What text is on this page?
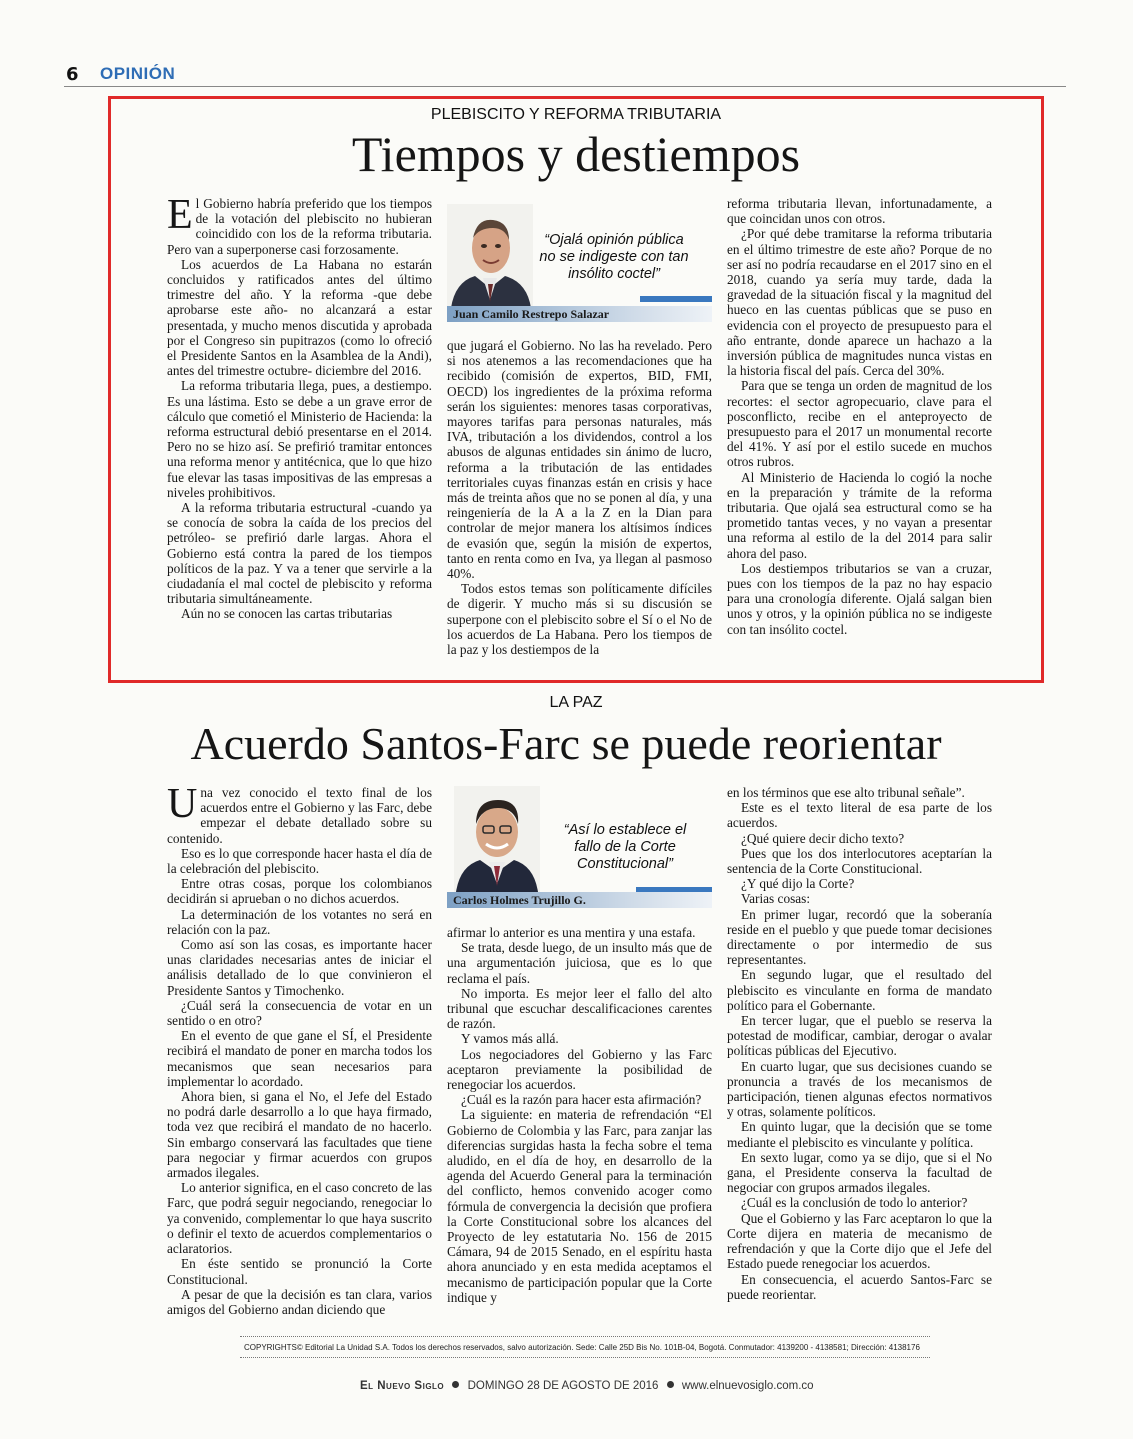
6 OPINIÓN
PLEBISCITO Y REFORMA TRIBUTARIA
Tiempos y destiempos

El Gobierno habría preferido que los tiempos de la votación del plebiscito no hubieran coincidido con los de la reforma tributaria. Pero van a superponerse casi forzosamente.

Los acuerdos de La Habana no estarán concluidos y ratificados antes del último trimestre del año. Y la reforma -que debe aprobarse este año- no alcanzará a estar presentada, y mucho menos discutida y aprobada por el Congreso sin pupitrazos (como lo ofreció el Presidente Santos en la Asamblea de la Andi), antes del trimestre octubre- diciembre del 2016.

La reforma tributaria llega, pues, a destiempo. Es una lástima. Esto se debe a un grave error de cálculo que cometió el Ministerio de Hacienda: la reforma estructural debió presentarse en el 2014. Pero no se hizo así. Se prefirió tramitar entonces una reforma menor y antitécnica, que lo que hizo fue elevar las tasas impositivas de las empresas a niveles prohibitivos.

A la reforma tributaria estructural -cuando ya se conocía de sobra la caída de los precios del petróleo- se prefirió darle largas. Ahora el Gobierno está contra la pared de los tiempos políticos de la paz. Y va a tener que servirle a la ciudadanía el mal coctel de plebiscito y reforma tributaria simultáneamente.

Aún no se conocen las cartas tributarias

“Ojalá opinión pública no se indigeste con tan insólito coctel”
Juan Camilo Restrepo Salazar

que jugará el Gobierno. No las ha revelado. Pero si nos atenemos a las recomendaciones que ha recibido (comisión de expertos, BID, FMI, OECD) los ingredientes de la próxima reforma serán los siguientes: menores tasas corporativas, mayores tarifas para personas naturales, más IVA, tributación a los dividendos, control a los abusos de algunas entidades sin ánimo de lucro, reforma a la tributación de las entidades territoriales cuyas finanzas están en crisis y hace más de treinta años que no se ponen al día, y una reingeniería de la A a la Z en la Dian para controlar de mejor manera los altísimos índices de evasión que, según la misión de expertos, tanto en renta como en Iva, ya llegan al pasmoso 40%.

Todos estos temas son políticamente difíciles de digerir. Y mucho más si su discusión se superpone con el plebiscito sobre el Sí o el No de los acuerdos de La Habana. Pero los tiempos de la paz y los destiempos de la

reforma tributaria llevan, infortunadamente, a que coincidan unos con otros.

¿Por qué debe tramitarse la reforma tributaria en el último trimestre de este año? Porque de no ser así no podría recaudarse en el 2017 sino en el 2018, cuando ya sería muy tarde, dada la gravedad de la situación fiscal y la magnitud del hueco en las cuentas públicas que se puso en evidencia con el proyecto de presupuesto para el año entrante, donde aparece un hachazo a la inversión pública de magnitudes nunca vistas en la historia fiscal del país. Cerca del 30%.

Para que se tenga un orden de magnitud de los recortes: el sector agropecuario, clave para el posconflicto, recibe en el anteproyecto de presupuesto para el 2017 un monumental recorte del 41%. Y así por el estilo sucede en muchos otros rubros.

Al Ministerio de Hacienda lo cogió la noche en la preparación y trámite de la reforma tributaria. Que ojalá sea estructural como se ha prometido tantas veces, y no vayan a presentar una reforma al estilo de la del 2014 para salir ahora del paso.

Los destiempos tributarios se van a cruzar, pues con los tiempos de la paz no hay espacio para una cronología diferente. Ojalá salgan bien unos y otros, y la opinión pública no se indigeste con tan insólito coctel.

LA PAZ
Acuerdo Santos-Farc se puede reorientar

Una vez conocido el texto final de los acuerdos entre el Gobierno y las Farc, debe empezar el debate detallado sobre su contenido.

Eso es lo que corresponde hacer hasta el día de la celebración del plebiscito.

Entre otras cosas, porque los colombianos decidirán si aprueban o no dichos acuerdos.

La determinación de los votantes no será en relación con la paz.

Como así son las cosas, es importante hacer unas claridades necesarias antes de iniciar el análisis detallado de lo que convinieron el Presidente Santos y Timochenko.

¿Cuál será la consecuencia de votar en un sentido o en otro?

En el evento de que gane el SÍ, el Presidente recibirá el mandato de poner en marcha todos los mecanismos que sean necesarios para implementar lo acordado.

Ahora bien, si gana el No, el Jefe del Estado no podrá darle desarrollo a lo que haya firmado, toda vez que recibirá el mandato de no hacerlo. Sin embargo conservará las facultades que tiene para negociar y firmar acuerdos con grupos armados ilegales.

Lo anterior significa, en el caso concreto de las Farc, que podrá seguir negociando, renegociar lo ya convenido, complementar lo que haya suscrito o definir el texto de acuerdos complementarios o aclaratorios.

En éste sentido se pronunció la Corte Constitucional.

A pesar de que la decisión es tan clara, varios amigos del Gobierno andan diciendo que

“Así lo establece el fallo de la Corte Constitucional”
Carlos Holmes Trujillo G.

afirmar lo anterior es una mentira y una estafa.

Se trata, desde luego, de un insulto más que de una argumentación juiciosa, que es lo que reclama el país.

No importa. Es mejor leer el fallo del alto tribunal que escuchar descalificaciones carentes de razón.

Y vamos más allá.

Los negociadores del Gobierno y las Farc aceptaron previamente la posibilidad de renegociar los acuerdos.

¿Cuál es la razón para hacer esta afirmación?

La siguiente: en materia de refrendación “El Gobierno de Colombia y las Farc, para zanjar las diferencias surgidas hasta la fecha sobre el tema aludido, en el día de hoy, en desarrollo de la agenda del Acuerdo General para la terminación del conflicto, hemos convenido acoger como fórmula de convergencia la decisión que profiera la Corte Constitucional sobre los alcances del Proyecto de ley estatutaria No. 156 de 2015 Cámara, 94 de 2015 Senado, en el espíritu hasta ahora anunciado y en esta medida aceptamos el mecanismo de participación popular que la Corte indique y

en los términos que ese alto tribunal señale”.

Este es el texto literal de esa parte de los acuerdos.

¿Qué quiere decir dicho texto?

Pues que los dos interlocutores aceptarían la sentencia de la Corte Constitucional.

¿Y qué dijo la Corte?

Varias cosas:

En primer lugar, recordó que la soberanía reside en el pueblo y que puede tomar decisiones directamente o por intermedio de sus representantes.

En segundo lugar, que el resultado del plebiscito es vinculante en forma de mandato político para el Gobernante.

En tercer lugar, que el pueblo se reserva la potestad de modificar, cambiar, derogar o avalar políticas públicas del Ejecutivo.

En cuarto lugar, que sus decisiones cuando se pronuncia a través de los mecanismos de participación, tienen algunas efectos normativos y otras, solamente políticos.

En quinto lugar, que la decisión que se tome mediante el plebiscito es vinculante y política.

En sexto lugar, como ya se dijo, que si el No gana, el Presidente conserva la facultad de negociar con grupos armados ilegales.

¿Cuál es la conclusión de todo lo anterior?

Que el Gobierno y las Farc aceptaron lo que la Corte dijera en materia de mecanismo de refrendación y que la Corte dijo que el Jefe del Estado puede renegociar los acuerdos.

En consecuencia, el acuerdo Santos-Farc se puede reorientar.

COPYRIGHTS© Editorial La Unidad S.A. Todos los derechos reservados, salvo autorización. Sede: Calle 25D Bis No. 101B-04, Bogotá. Conmutador: 4139200 - 4138581; Dirección: 4138176
El Nuevo Siglo DOMINGO 28 DE AGOSTO DE 2016 www.elnuevosiglo.com.co
